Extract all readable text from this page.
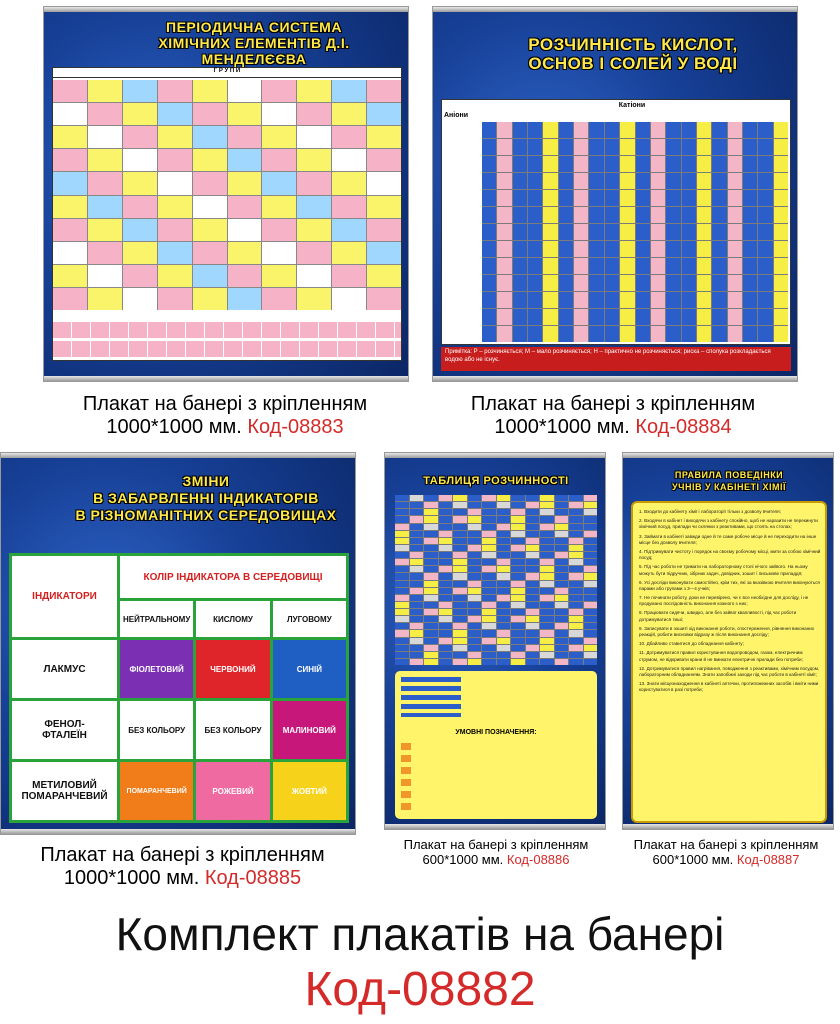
ПЕРІОДИЧНА СИСТЕМА
ХІМІЧНИХ ЕЛЕМЕНТІВ Д.І. МЕНДЕЛЄЄВА
Г Р У П И
РОЗЧИННІСТЬ КИСЛОТ,
ОСНОВ І СОЛЕЙ У ВОДІ
Катіони
Аніони
Примітка: Р – розчиняється; М – мало розчиняється; Н – практично не розчиняється; риска – сполука розкладається водою або не існує.
ЗМІНИ
В ЗАБАРВЛЕННІ ІНДИКАТОРІВ
В РІЗНОМАНІТНИХ СЕРЕДОВИЩАХ
ІНДИКАТОРИ
КОЛІР ІНДИКАТОРА В СЕРЕДОВИЩІ
НЕЙТРАЛЬНОМУ	КИСЛОМУ	ЛУГОВОМУ
ЛАКМУС	ФІОЛЕТОВИЙ	ЧЕРВОНИЙ	СИНІЙ
ФЕНОЛ-
ФТАЛЕЇН	БЕЗ КОЛЬОРУ	БЕЗ КОЛЬОРУ	МАЛИНОВИЙ
МЕТИЛОВИЙ
ПОМАРАНЧЕВИЙ	ПОМАРАНЧЕВИЙ	РОЖЕВИЙ	ЖОВТИЙ
ТАБЛИЦЯ РОЗЧИННОСТІ
УМОВНІ ПОЗНАЧЕННЯ:
ПРАВИЛА ПОВЕДІНКИ
УЧНІВ У КАБІНЕТІ ХІМІЇ

1. Входити до кабінету хімії і лабораторії тільки з дозволу вчителя;

2. Входячи в кабінет і виходячи з кабінету спокійно, щоб не наразити не перекинути хімічний посуд, прилади чи склянки з реактивами, що стоять на столах;

3. Займати в кабінеті завжди одне й те саме робоче місце й не переходити на інше місце без дозволу вчителя;

4. Підтримувати чистоту і порядок на своєму робочому місці, мити за собою хімічний посуд;

5. Під час роботи не тримати на лабораторному столі нічого зайвого. На ньому можуть бути підручник, зібрник задач, довідник, зошит і письмове приладдя;

6. Усі досліди виконувати самостійно, крім тих, які за вказівкою вчителя виконуються парами або групами з 3—4 учнів;

7. Не починати роботу, доки не перевірено, чи є все необхідне для досліду, і не продумано послідовність виконання кожного з них;

8. Працювати сидячи, швидко, але без зайвої квапливості, під час роботи дотримуватися тиші;

9. Записувати в зошиті хід виконання роботи, спостереження, рівняння виконаних реакцій, робити висновки відразу ж після виконання досліду;

10. Дбайливо ставитися до обладнання кабінету;

11. Дотримуватися правил користування водопроводом, газом, електричним струмом, не відкривати крани й не вмикати електричні прилади без потреби;

12. Дотримуватися правил нагрівання, поводження з реактивами, хімічним посудом, лабораторним обладнанням. Знати запобіжні заходи під час роботи в кабінеті хімії;

13. Знати місцезнаходження в кабінеті аптечки, протипожежних засобів і вміти ними користуватися в разі потреби;

Плакат на банері з кріпленням
1000*1000 мм. Код-08883
Плакат на банері з кріпленням
1000*1000 мм. Код-08884
Плакат на банері з кріпленням
1000*1000 мм. Код-08885
Плакат на банері з кріпленням
600*1000 мм. Код-08886
Плакат на банері з кріпленням
600*1000 мм. Код-08887
Комплект плакатів на банері
Код-08882
